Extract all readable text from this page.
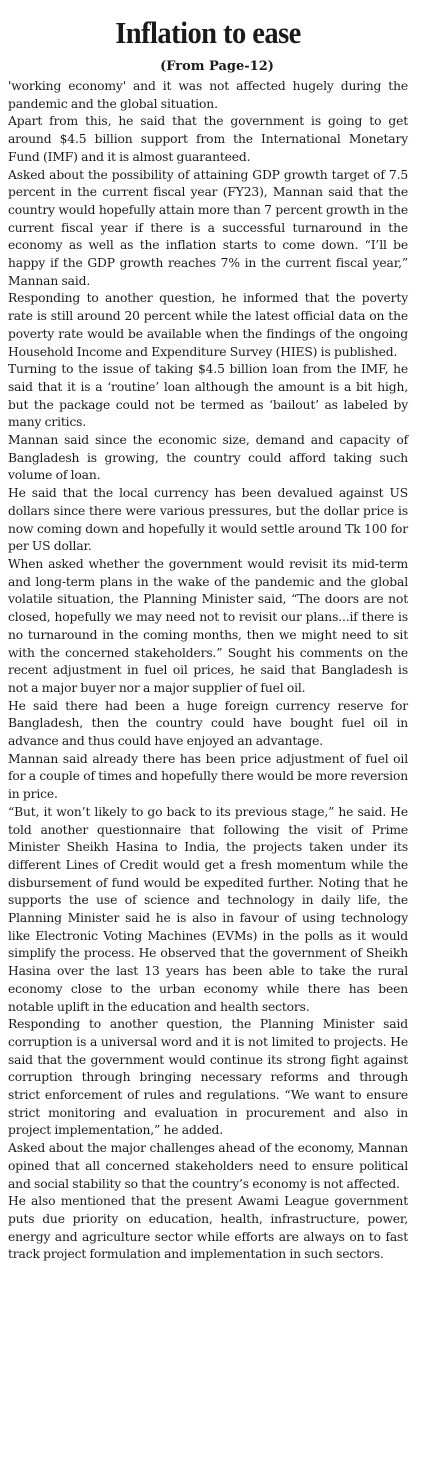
Inflation to ease
(From Page-12)

'working economy' and it was not affected hugely during the pandemic and the global situation.

Apart from this, he said that the government is going to get around $4.5 billion support from the International Monetary Fund (IMF) and it is almost guaranteed.

Asked about the possibility of attaining GDP growth target of 7.5 percent in the current fiscal year (FY23), Mannan said that the country would hopefully attain more than 7 percent growth in the current fiscal year if there is a successful turnaround in the economy as well as the inflation starts to come down. “I’ll be happy if the GDP growth reaches 7% in the current fiscal year,” Mannan said.

Responding to another question, he informed that the poverty rate is still around 20 percent while the latest official data on the poverty rate would be available when the findings of the ongoing Household Income and Expenditure Survey (HIES) is published.

Turning to the issue of taking $4.5 billion loan from the IMF, he said that it is a ‘routine’ loan although the amount is a bit high, but the package could not be termed as ‘bailout’ as labeled by many critics.

Mannan said since the economic size, demand and capacity of Bangladesh is growing, the country could afford taking such volume of loan.

He said that the local currency has been devalued against US dollars since there were various pressures, but the dollar price is now coming down and hopefully it would settle around Tk 100 for per US dollar.

When asked whether the government would revisit its mid-term and long-term plans in the wake of the pandemic and the global volatile situation, the Planning Minister said, “The doors are not closed, hopefully we may need not to revisit our plans...if there is no turnaround in the coming months, then we might need to sit with the concerned stakeholders.” Sought his comments on the recent adjustment in fuel oil prices, he said that Bangladesh is not a major buyer nor a major supplier of fuel oil.

He said there had been a huge foreign currency reserve for Bangladesh, then the country could have bought fuel oil in advance and thus could have enjoyed an advantage.

Mannan said already there has been price adjustment of fuel oil for a couple of times and hopefully there would be more reversion in price.

“But, it won’t likely to go back to its previous stage,” he said. He told another questionnaire that following the visit of Prime Minister Sheikh Hasina to India, the projects taken under its different Lines of Credit would get a fresh momentum while the disbursement of fund would be expedited further. Noting that he supports the use of science and technology in daily life, the Planning Minister said he is also in favour of using technology like Electronic Voting Machines (EVMs) in the polls as it would simplify the process. He observed that the government of Sheikh Hasina over the last 13 years has been able to take the rural economy close to the urban economy while there has been notable uplift in the education and health sectors.

Responding to another question, the Planning Minister said corruption is a universal word and it is not limited to projects. He said that the government would continue its strong fight against corruption through bringing necessary reforms and through strict enforcement of rules and regulations. “We want to ensure strict monitoring and evaluation in procurement and also in project implementation,” he added.

Asked about the major challenges ahead of the economy, Mannan opined that all concerned stakeholders need to ensure political and social stability so that the country’s economy is not affected.

He also mentioned that the present Awami League government puts due priority on education, health, infrastructure, power, energy and agriculture sector while efforts are always on to fast track project formulation and implementation in such sectors.
